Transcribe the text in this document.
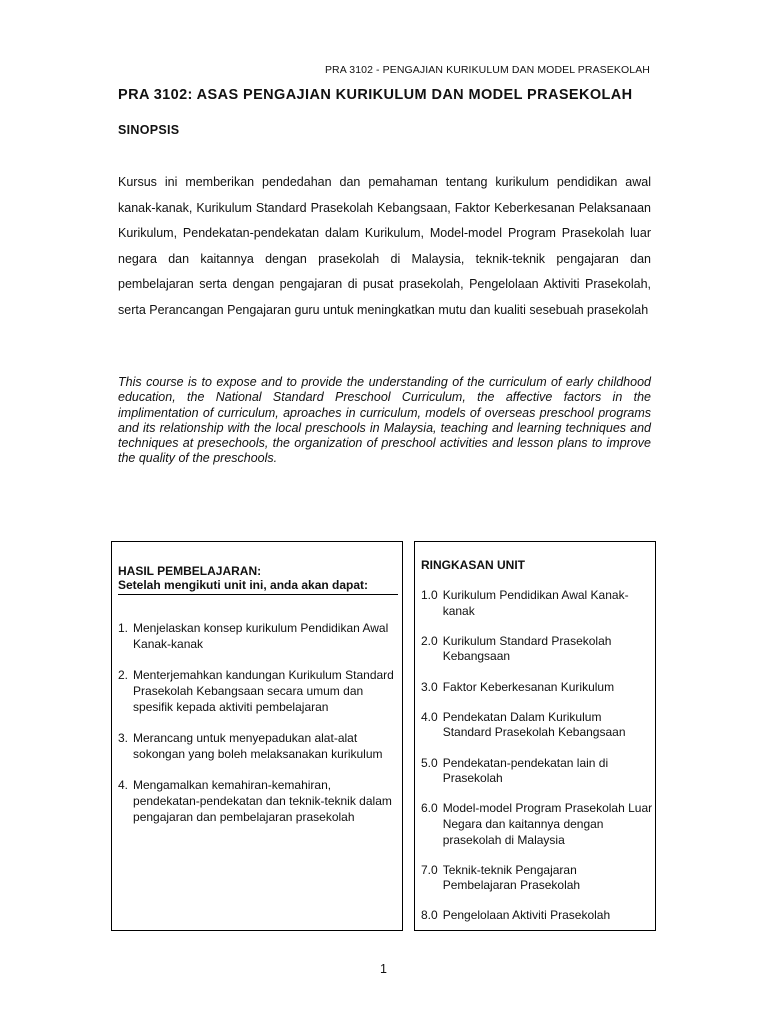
PRA 3102 - PENGAJIAN KURIKULUM DAN MODEL PRASEKOLAH
PRA 3102: ASAS PENGAJIAN KURIKULUM DAN MODEL PRASEKOLAH
SINOPSIS

Kursus ini memberikan pendedahan dan pemahaman tentang kurikulum pendidikan awal kanak-kanak, Kurikulum Standard Prasekolah Kebangsaan, Faktor Keberkesanan Pelaksanaan Kurikulum, Pendekatan-pendekatan dalam Kurikulum, Model-model Program Prasekolah luar negara dan kaitannya dengan prasekolah di Malaysia, teknik-teknik pengajaran dan pembelajaran serta dengan pengajaran di pusat prasekolah, Pengelolaan Aktiviti Prasekolah, serta Perancangan Pengajaran guru untuk meningkatkan mutu dan kualiti sesebuah prasekolah

This course is to expose and to provide the understanding of the curriculum of early childhood education, the National Standard Preschool Curriculum, the affective factors in the implimentation of curriculum, aproaches in curriculum, models of overseas preschool programs and its relationship with the local preschools in Malaysia, teaching and learning techniques and techniques at presechools, the organization of preschool activities and lesson plans to improve the quality of the preschools.

HASIL PEMBELAJARAN:
Setelah mengikuti unit ini, anda akan dapat:
1. Menjelaskan konsep kurikulum Pendidikan Awal Kanak-kanak
2. Menterjemahkan kandungan Kurikulum Standard Prasekolah Kebangsaan secara umum dan spesifik kepada aktiviti pembelajaran
3. Merancang untuk menyepadukan alat-alat sokongan yang boleh melaksanakan kurikulum
4. Mengamalkan kemahiran-kemahiran, pendekatan-pendekatan dan teknik-teknik dalam pengajaran dan pembelajaran prasekolah
RINGKASAN UNIT
1.0 Kurikulum Pendidikan Awal Kanak-kanak
2.0 Kurikulum Standard Prasekolah Kebangsaan
3.0 Faktor Keberkesanan Kurikulum
4.0 Pendekatan Dalam Kurikulum Standard Prasekolah Kebangsaan
5.0 Pendekatan-pendekatan lain di Prasekolah
6.0 Model-model Program Prasekolah Luar Negara dan kaitannya dengan prasekolah di Malaysia
7.0 Teknik-teknik Pengajaran Pembelajaran Prasekolah
8.0 Pengelolaan Aktiviti Prasekolah
1
